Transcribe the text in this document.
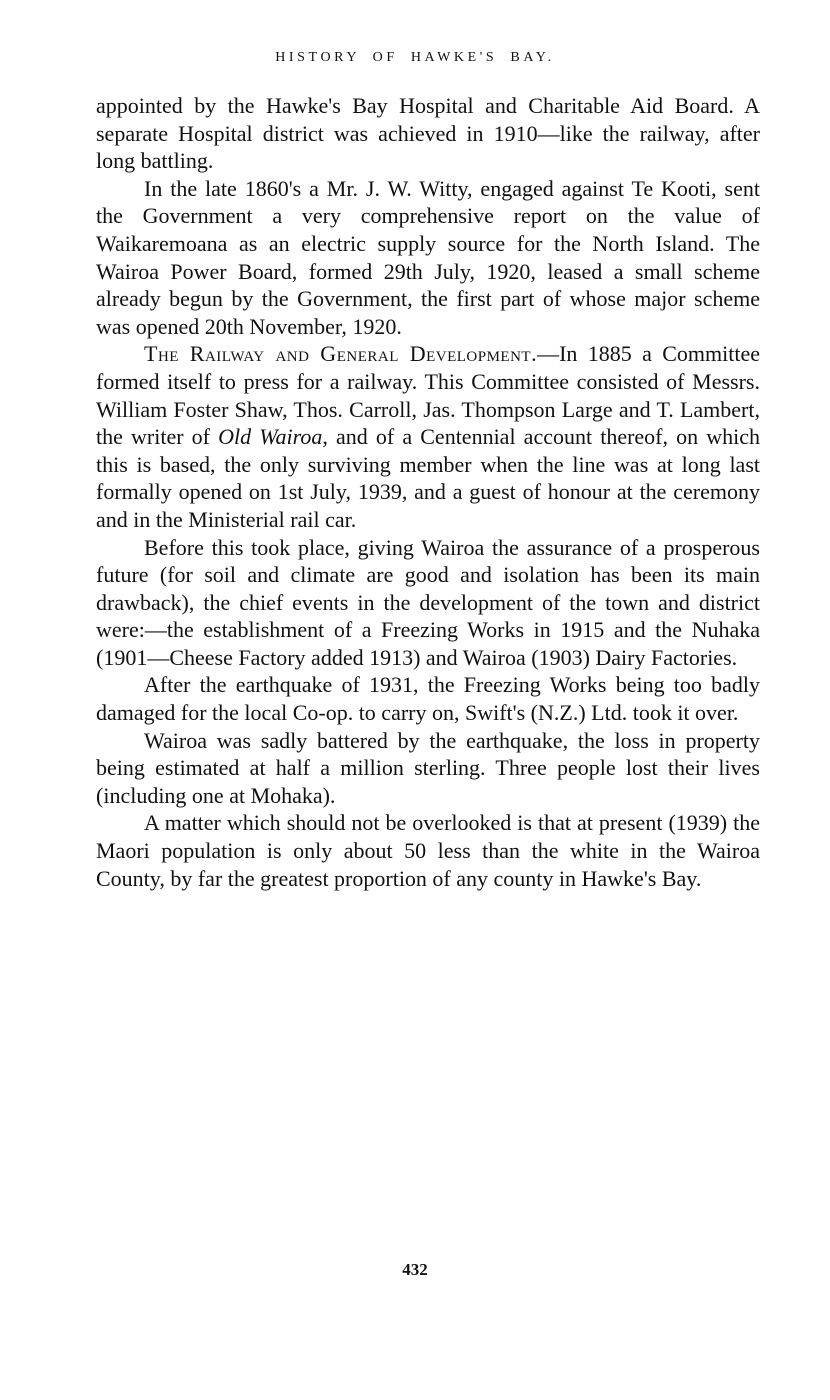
HISTORY OF HAWKE'S BAY.

appointed by the Hawke's Bay Hospital and Charitable Aid Board. A separate Hospital district was achieved in 1910—like the railway, after long battling.

In the late 1860's a Mr. J. W. Witty, engaged against Te Kooti, sent the Government a very comprehensive report on the value of Waikaremoana as an electric supply source for the North Island. The Wairoa Power Board, formed 29th July, 1920, leased a small scheme already begun by the Government, the first part of whose major scheme was opened 20th November, 1920.

The Railway and General Development.—In 1885 a Committee formed itself to press for a railway. This Committee consisted of Messrs. William Foster Shaw, Thos. Carroll, Jas. Thompson Large and T. Lambert, the writer of Old Wairoa, and of a Centennial account thereof, on which this is based, the only surviving member when the line was at long last formally opened on 1st July, 1939, and a guest of honour at the ceremony and in the Ministerial rail car.

Before this took place, giving Wairoa the assurance of a prosperous future (for soil and climate are good and isolation has been its main drawback), the chief events in the development of the town and district were:—the establishment of a Freezing Works in 1915 and the Nuhaka (1901—Cheese Factory added 1913) and Wairoa (1903) Dairy Factories.

After the earthquake of 1931, the Freezing Works being too badly damaged for the local Co-op. to carry on, Swift's (N.Z.) Ltd. took it over.

Wairoa was sadly battered by the earthquake, the loss in property being estimated at half a million sterling. Three people lost their lives (including one at Mohaka).

A matter which should not be overlooked is that at present (1939) the Maori population is only about 50 less than the white in the Wairoa County, by far the greatest proportion of any county in Hawke's Bay.

432
